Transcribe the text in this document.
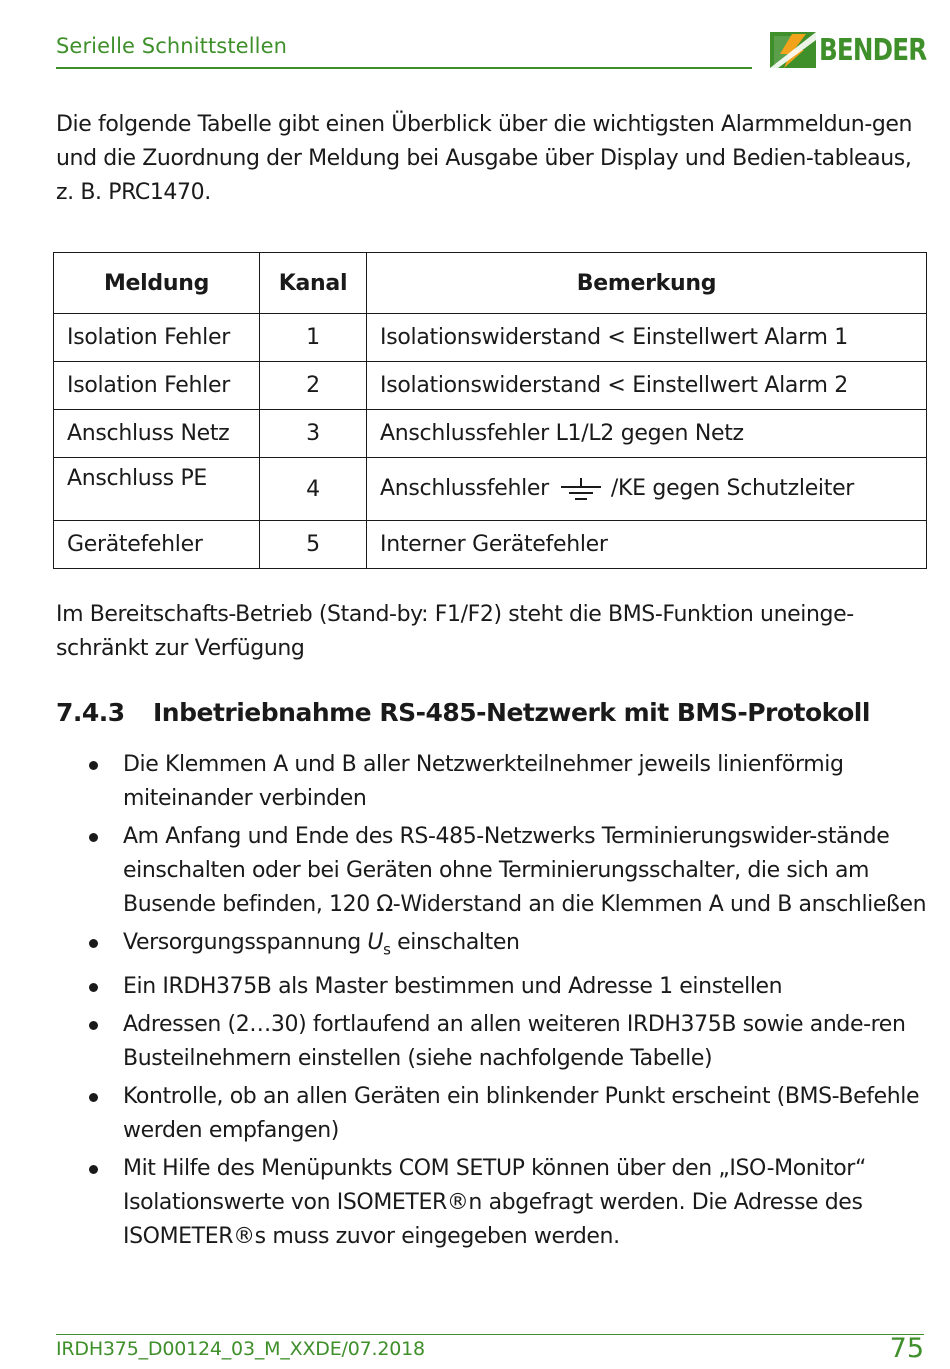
Serielle Schnittstellen	BENDER

Die folgende Tabelle gibt einen Überblick über die wichtigsten Alarmmeldun-gen und die Zuordnung der Meldung bei Ausgabe über Display und Bedien-tableaus, z. B. PRC1470.

Meldung	Kanal	Bemerkung
Isolation Fehler	1	Isolationswiderstand < Einstellwert Alarm 1
Isolation Fehler	2	Isolationswiderstand < Einstellwert Alarm 2
Anschluss Netz	3	Anschlussfehler L1/L2 gegen Netz
Anschluss PE	4	Anschlussfehler /KE gegen Schutzleiter
Gerätefehler	5	Interner Gerätefehler

Im Bereitschafts-Betrieb (Stand-by: F1/F2) steht die BMS-Funktion uneinge-schränkt zur Verfügung

7.4.3 Inbetriebnahme RS-485-Netzwerk mit BMS-Protokoll
Die Klemmen A und B aller Netzwerkteilnehmer jeweils linienförmig miteinander verbinden
Am Anfang und Ende des RS-485-Netzwerks Terminierungswider-stände einschalten oder bei Geräten ohne Terminierungsschalter, die sich am Busende befinden, 120 Ω-Widerstand an die Klemmen A und B anschließen
Versorgungsspannung $U_s$ einschalten
Ein IRDH375B als Master bestimmen und Adresse 1 einstellen
Adressen (2…30) fortlaufend an allen weiteren IRDH375B sowie ande-ren Busteilnehmern einstellen (siehe nachfolgende Tabelle)
Kontrolle, ob an allen Geräten ein blinkender Punkt erscheint (BMS-Befehle werden empfangen)
Mit Hilfe des Menüpunkts COM SETUP können über den „ISO-Monitor“ Isolationswerte von ISOMETER®n abgefragt werden. Die Adresse des ISOMETER®s muss zuvor eingegeben werden.
IRDH375_D00124_03_M_XXDE/07.2018	75
